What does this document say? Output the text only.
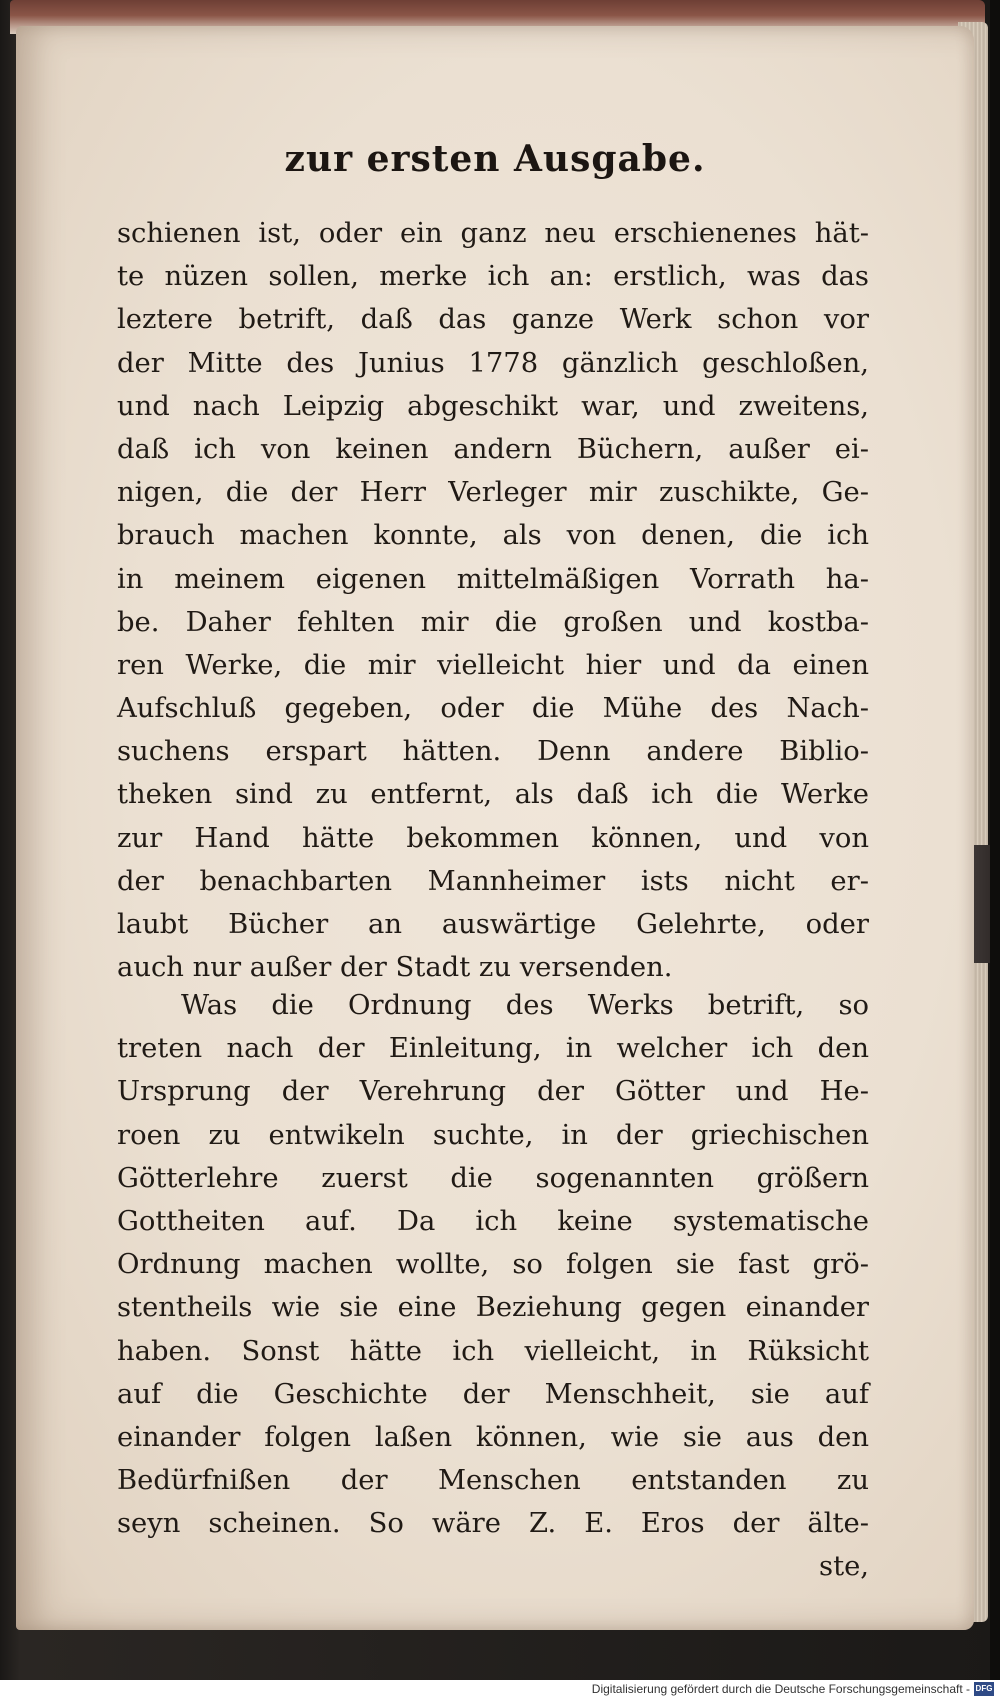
zur ersten Ausgabe.
schienen ist, oder ein ganz neu erschienenes hät-
te nüzen sollen, merke ich an: erstlich, was das
leztere betrift, daß das ganze Werk schon vor
der Mitte des Junius 1778 gänzlich geschloßen,
und nach Leipzig abgeschikt war, und zweitens,
daß ich von keinen andern Büchern, außer ei-
nigen, die der Herr Verleger mir zuschikte, Ge-
brauch machen konnte, als von denen, die ich
in meinem eigenen mittelmäßigen Vorrath ha-
be. Daher fehlten mir die großen und kostba-
ren Werke, die mir vielleicht hier und da einen
Aufschluß gegeben, oder die Mühe des Nach-
suchens erspart hätten. Denn andere Biblio-
theken sind zu entfernt, als daß ich die Werke
zur Hand hätte bekommen können, und von
der benachbarten Mannheimer ists nicht er-
laubt Bücher an auswärtige Gelehrte, oder
auch nur außer der Stadt zu versenden.
Was die Ordnung des Werks betrift, so
treten nach der Einleitung, in welcher ich den
Ursprung der Verehrung der Götter und He-
roen zu entwikeln suchte, in der griechischen
Götterlehre zuerst die sogenannten größern
Gottheiten auf. Da ich keine systematische
Ordnung machen wollte, so folgen sie fast grö-
stentheils wie sie eine Beziehung gegen einander
haben. Sonst hätte ich vielleicht, in Rüksicht
auf die Geschichte der Menschheit, sie auf
einander folgen laßen können, wie sie aus den
Bedürfnißen der Menschen entstanden zu
seyn scheinen. So wäre Z. E. Eros der älte-
ste,
Digitalisierung gefördert durch die Deutsche Forschungsgemeinschaft - DFG
